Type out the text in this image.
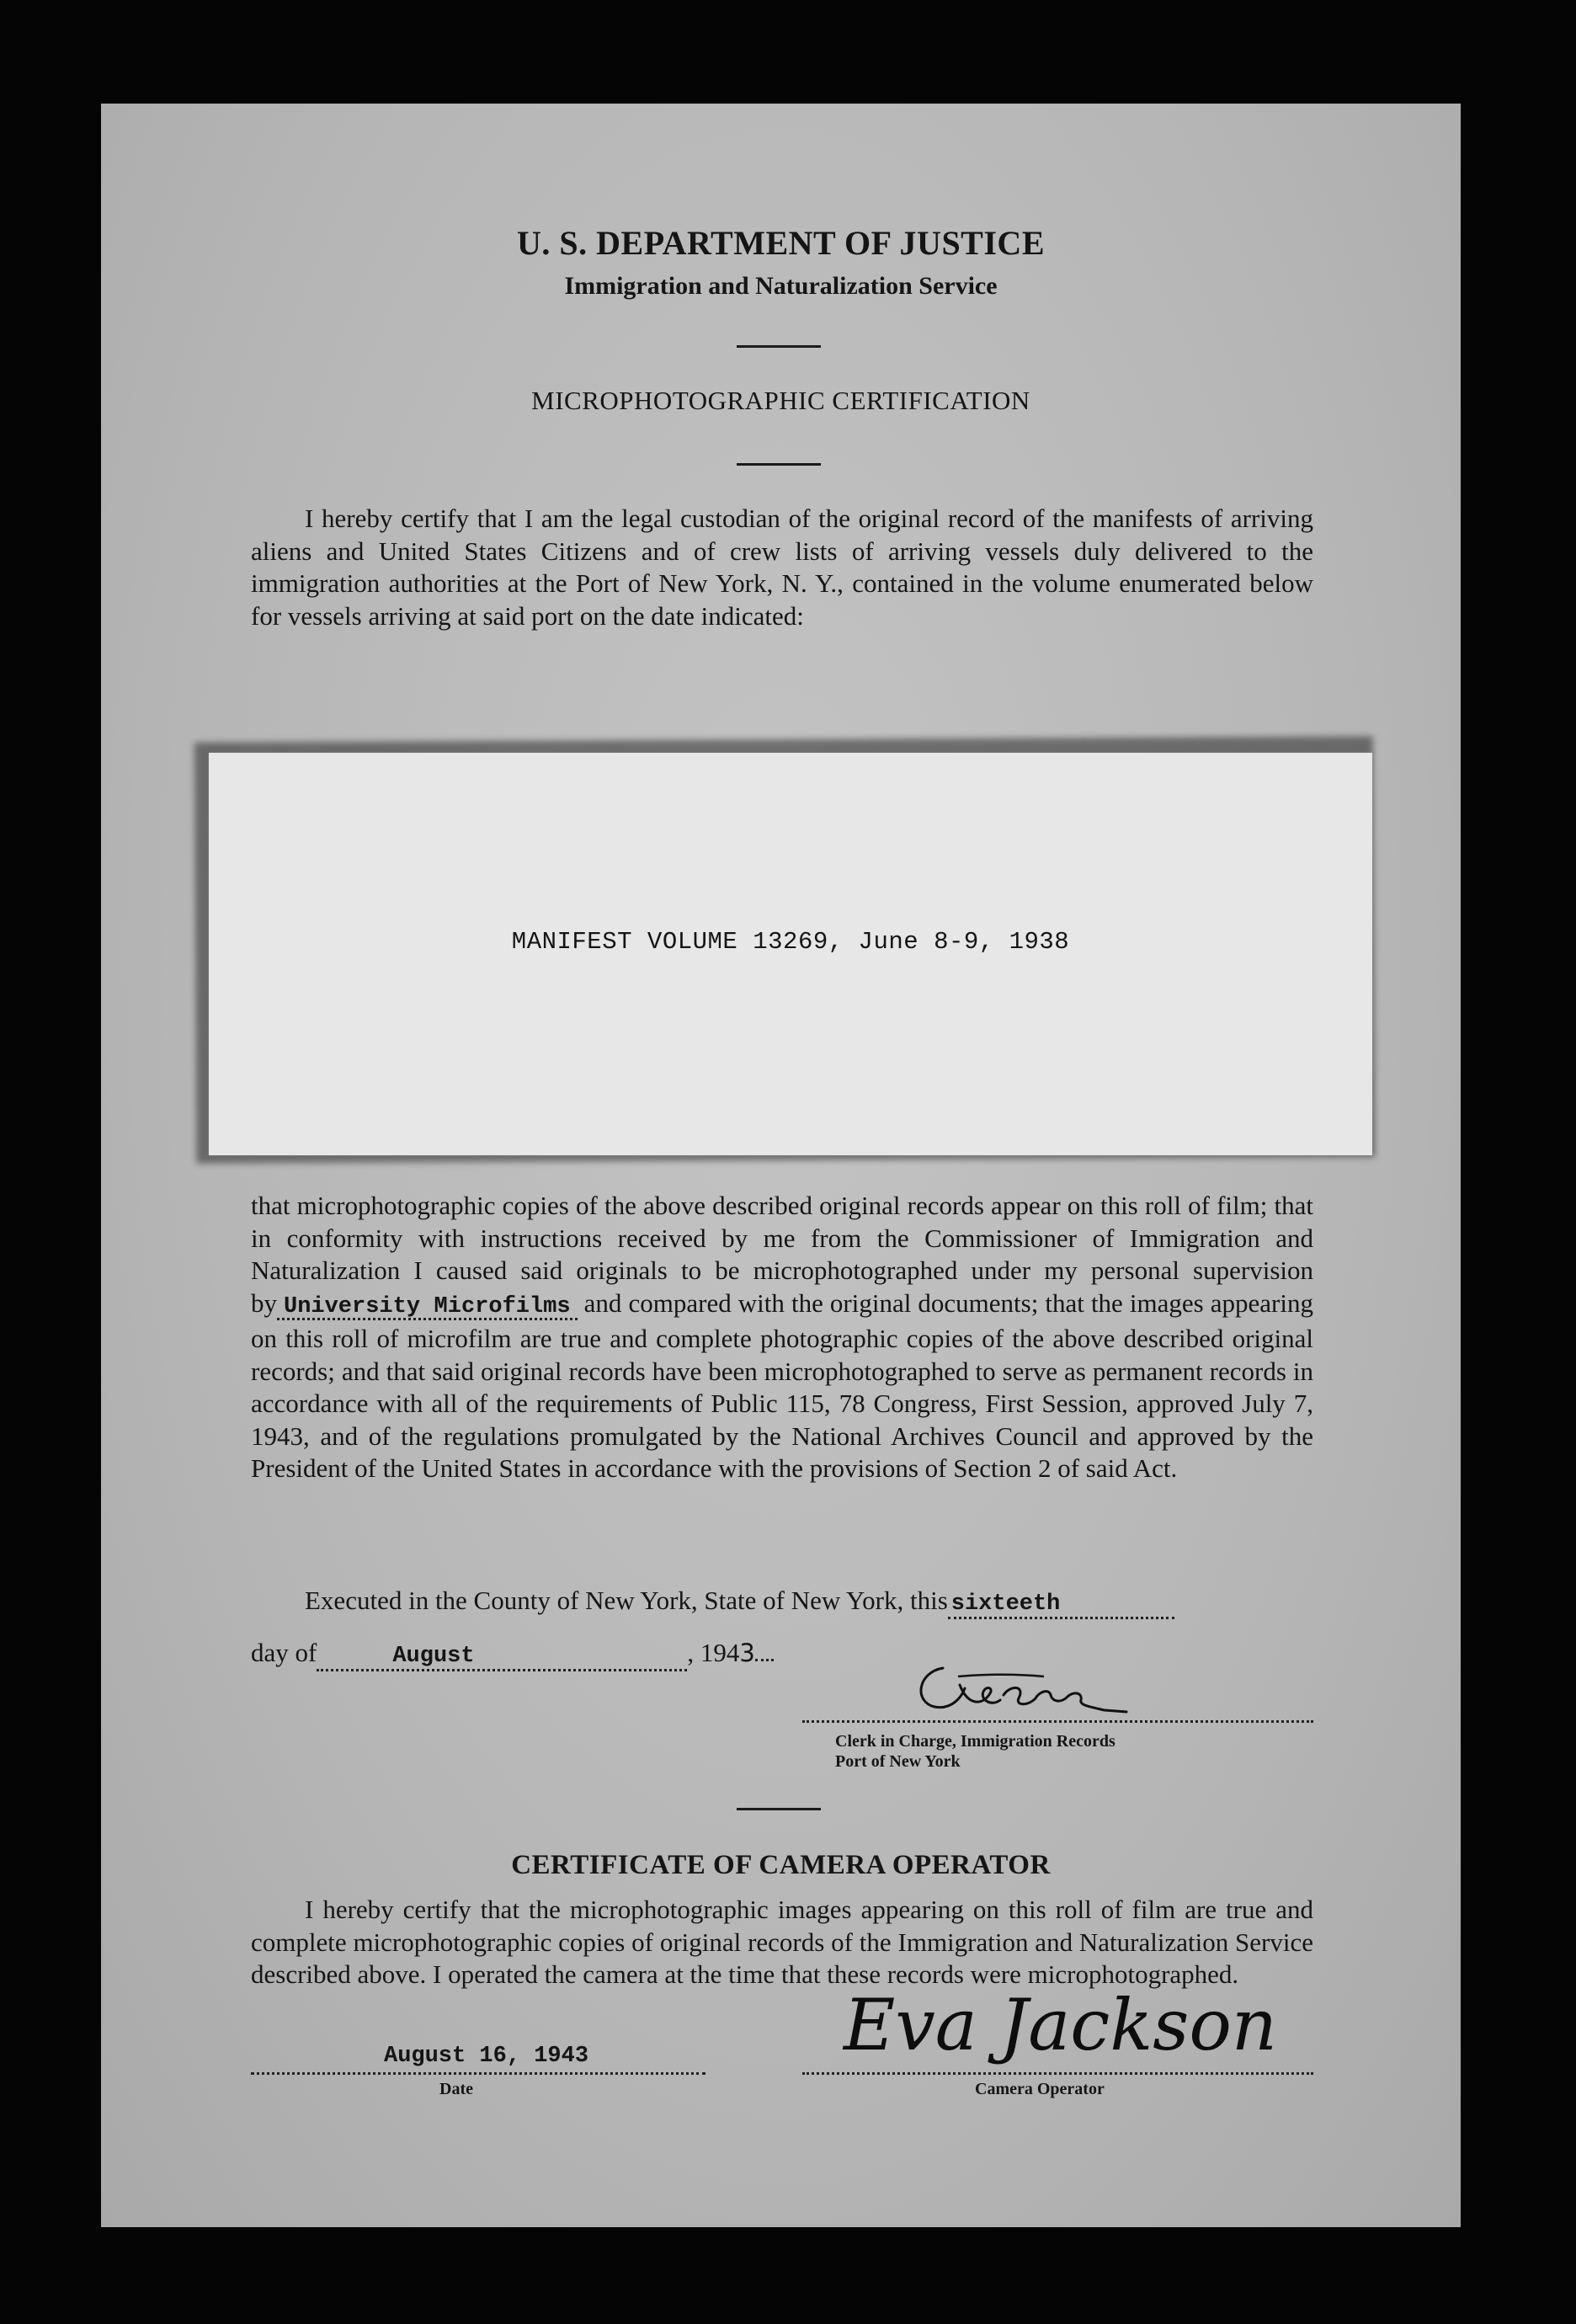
U. S. DEPARTMENT OF JUSTICE
Immigration and Naturalization Service
MICROPHOTOGRAPHIC CERTIFICATION
I hereby certify that I am the legal custodian of the original record of the manifests of arriving aliens and United States Citizens and of crew lists of arriving vessels duly delivered to the immigration authorities at the Port of New York, N. Y., contained in the volume enumerated below for vessels arriving at said port on the date indicated:
MANIFEST VOLUME 13269, June 8-9, 1938
that microphotographic copies of the above described original records appear on this roll of film; that in conformity with instructions received by me from the Commissioner of Immigration and Naturalization I caused said originals to be microphotographed under my personal supervision by University Microfilms and compared with the original documents; that the images appearing on this roll of microfilm are true and complete photographic copies of the above described original records; and that said original records have been microphotographed to serve as permanent records in accordance with all of the requirements of Public 115, 78 Congress, First Session, approved July 7, 1943, and of the regulations promulgated by the National Archives Council and approved by the President of the United States in accordance with the provisions of Section 2 of said Act.
Executed in the County of New York, State of New York, this sixteeth
day of	August	, 1943
Clerk in Charge, Immigration Records
Port of New York
CERTIFICATE OF CAMERA OPERATOR
I hereby certify that the microphotographic images appearing on this roll of film are true and complete microphotographic copies of original records of the Immigration and Naturalization Service described above. I operated the camera at the time that these records were microphotographed.
August 16, 1943
Date
Eva Jackson
Camera Operator
